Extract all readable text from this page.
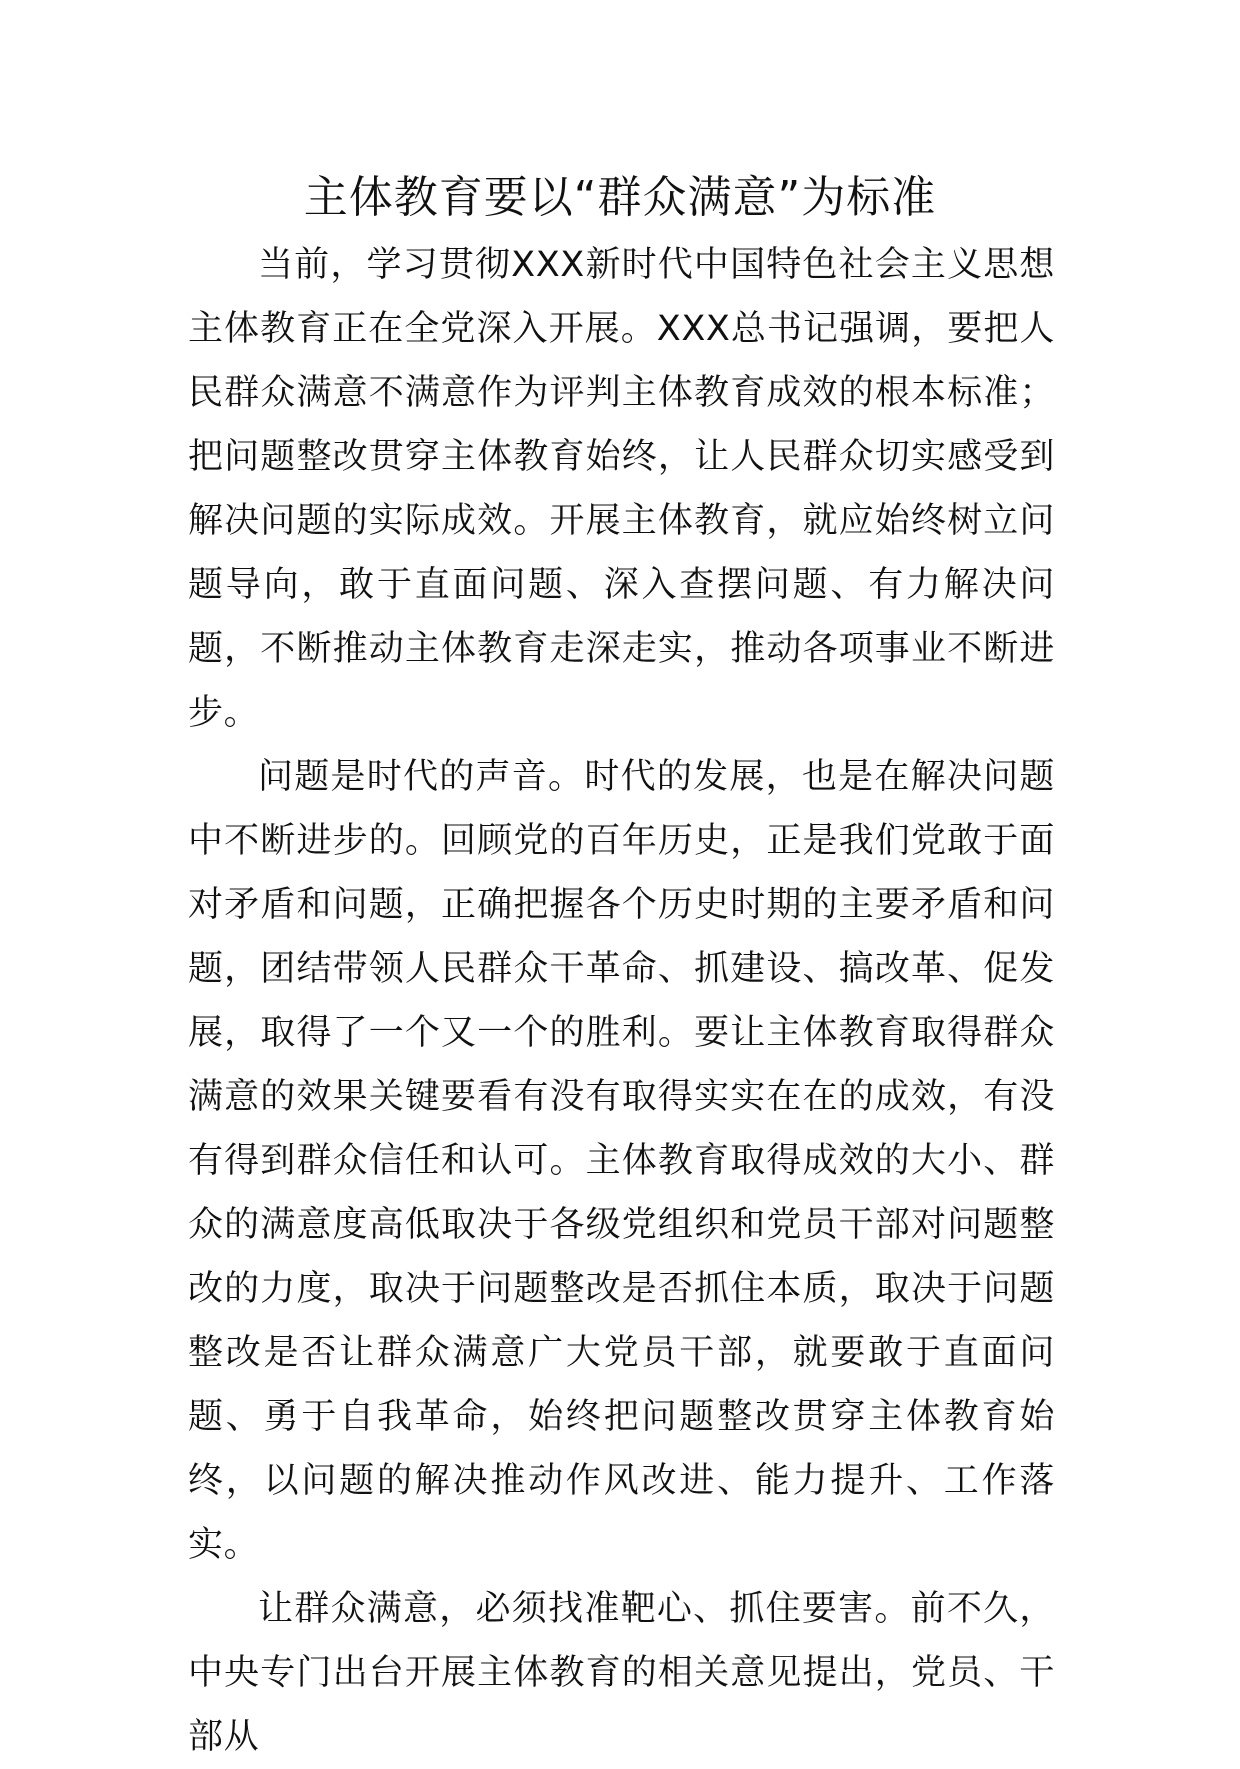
主体教育要以“群众满意”为标准

当前，学习贯彻XXX新时代中国特色社会主义思想主体教育正在全党深入开展。XXX总书记强调，要把人民群众满意不满意作为评判主体教育成效的根本标准；把问题整改贯穿主体教育始终，让人民群众切实感受到解决问题的实际成效。开展主体教育，就应始终树立问题导向，敢于直面问题、深入查摆问题、有力解决问题，不断推动主体教育走深走实，推动各项事业不断进步。

问题是时代的声音。时代的发展，也是在解决问题中不断进步的。回顾党的百年历史，正是我们党敢于面对矛盾和问题，正确把握各个历史时期的主要矛盾和问题，团结带领人民群众干革命、抓建设、搞改革、促发展，取得了一个又一个的胜利。要让主体教育取得群众满意的效果关键要看有没有取得实实在在的成效，有没有得到群众信任和认可。主体教育取得成效的大小、群众的满意度高低取决于各级党组织和党员干部对问题整改的力度，取决于问题整改是否抓住本质，取决于问题整改是否让群众满意广大党员干部，就要敢于直面问题、勇于自我革命，始终把问题整改贯穿主体教育始终，以问题的解决推动作风改进、能力提升、工作落实。

让群众满意，必须找准靶心、抓住要害。前不久，中央专门出台开展主体教育的相关意见提出，党员、干部从
